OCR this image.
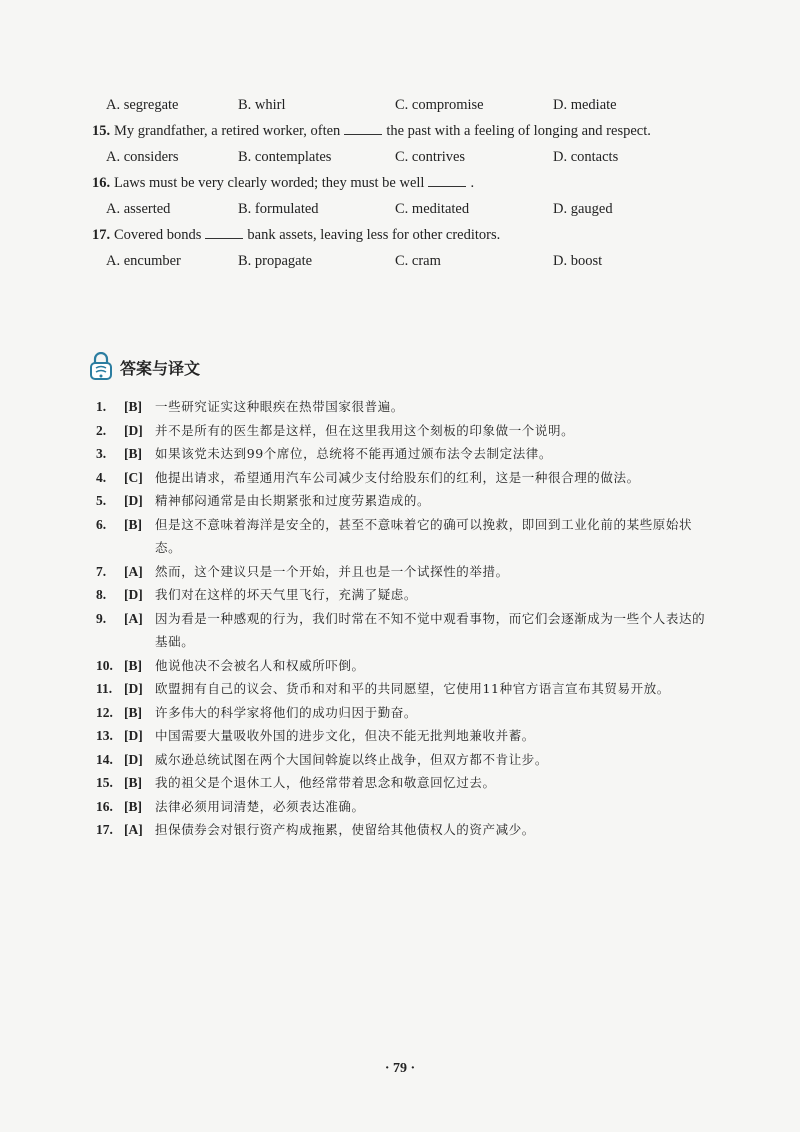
A. segregate	B. whirl	C. compromise	D. mediate
15. My grandfather, a retired worker, often	the past with a feeling of longing and respect.
A. considers	B. contemplates	C. contrives	D. contacts
16. Laws must be very clearly worded; they must be well	.
A. asserted	B. formulated	C. meditated	D. gauged
17. Covered bonds	bank assets, leaving less for other creditors.
A. encumber	B. propagate	C. cram	D. boost
答案与译文
1.	[B]	一些研究证实这种眼疾在热带国家很普遍。
2.	[D] 并不是所有的医生都是这样，但在这里我用这个刻板的印象做一个说明。
3.	[B]	如果该党未达到99个席位，总统将不能再通过颁布法令去制定法律。
4.	[C] 他提出请求，希望通用汽车公司减少支付给股东们的红利，这是一种很合理的做法。
5.	[D] 精神郁闷通常是由长期紧张和过度劳累造成的。
6.	[B]	但是这不意味着海洋是安全的，甚至不意味着它的确可以挽救，即回到工业化前的某些原始状态。
7.	[A] 然而，这个建议只是一个开始，并且也是一个试探性的举措。
8.	[D] 我们对在这样的坏天气里飞行，充满了疑虑。
9.	[A] 因为看是一种感观的行为，我们时常在不知不觉中观看事物，而它们会逐渐成为一些个人表达的基础。
10. [B]	他说他决不会被名人和权威所吓倒。
11. [D] 欧盟拥有自己的议会、货币和对和平的共同愿望，它使用11种官方语言宣布其贸易开放。
12. [B]	许多伟大的科学家将他们的成功归因于勤奋。
13. [D] 中国需要大量吸收外国的进步文化，但决不能无批判地兼收并蓄。
14. [D] 威尔逊总统试图在两个大国间斡旋以终止战争，但双方都不肯让步。
15. [B]	我的祖父是个退休工人，他经常带着思念和敬意回忆过去。
16. [B]	法律必须用词清楚，必须表达准确。
17. [A] 担保债券会对银行资产构成拖累，使留给其他债权人的资产减少。
· 79 ·
